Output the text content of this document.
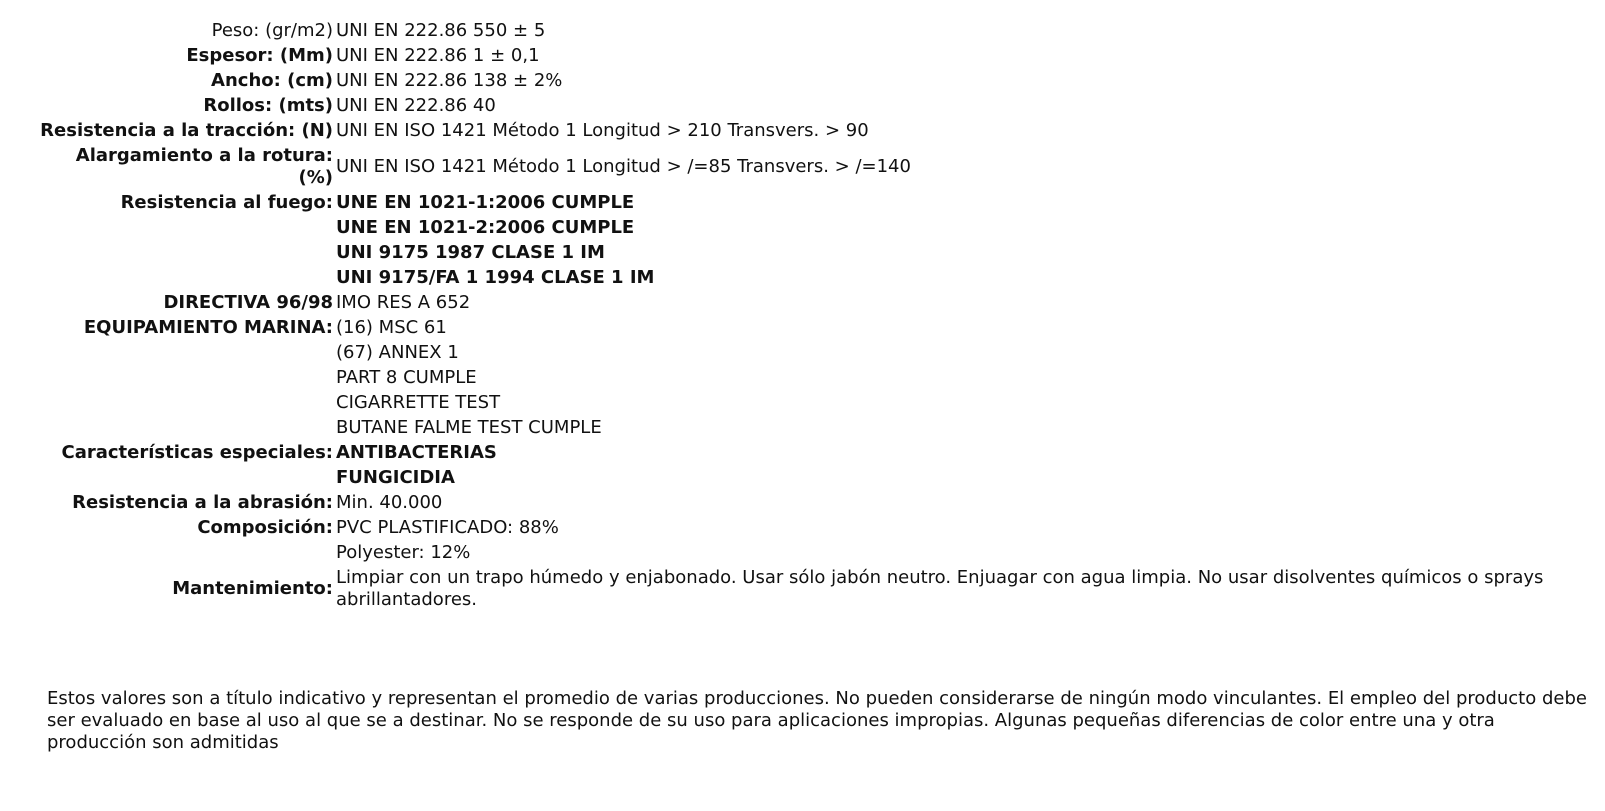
Peso: (gr/m2)	UNI EN 222.86 550 ± 5
Espesor: (Mm)	UNI EN 222.86 1 ± 0,1
Ancho: (cm)	UNI EN 222.86 138 ± 2%
Rollos: (mts)	UNI EN 222.86 40
Resistencia a la tracción: (N)	UNI EN ISO 1421 Método 1 Longitud > 210 Transvers. > 90
Alargamiento a la rotura: (%)	UNI EN ISO 1421 Método 1 Longitud > /=85 Transvers. > /=140
Resistencia al fuego:	UNE EN 1021-1:2006 CUMPLE
	UNE EN 1021-2:2006 CUMPLE
	UNI 9175 1987 CLASE 1 IM
	UNI 9175/FA 1 1994 CLASE 1 IM
DIRECTIVA 96/98	IMO RES A 652
EQUIPAMIENTO MARINA:	(16) MSC 61
	(67) ANNEX 1
	PART 8 CUMPLE
	CIGARRETTE TEST
	BUTANE FALME TEST CUMPLE
Características especiales:	ANTIBACTERIAS
	FUNGICIDIA
Resistencia a la abrasión:	Min. 40.000
Composición:	PVC PLASTIFICADO: 88%
	Polyester: 12%
Mantenimiento:	Limpiar con un trapo húmedo y enjabonado. Usar sólo jabón neutro. Enjuagar con agua limpia. No usar disolventes químicos o sprays abrillantadores.
Estos valores son a título indicativo y representan el promedio de varias producciones. No pueden considerarse de ningún modo vinculantes. El empleo del producto debe ser evaluado en base al uso al que se a destinar. No se responde de su uso para aplicaciones impropias. Algunas pequeñas diferencias de color entre una y otra producción son admitidas
